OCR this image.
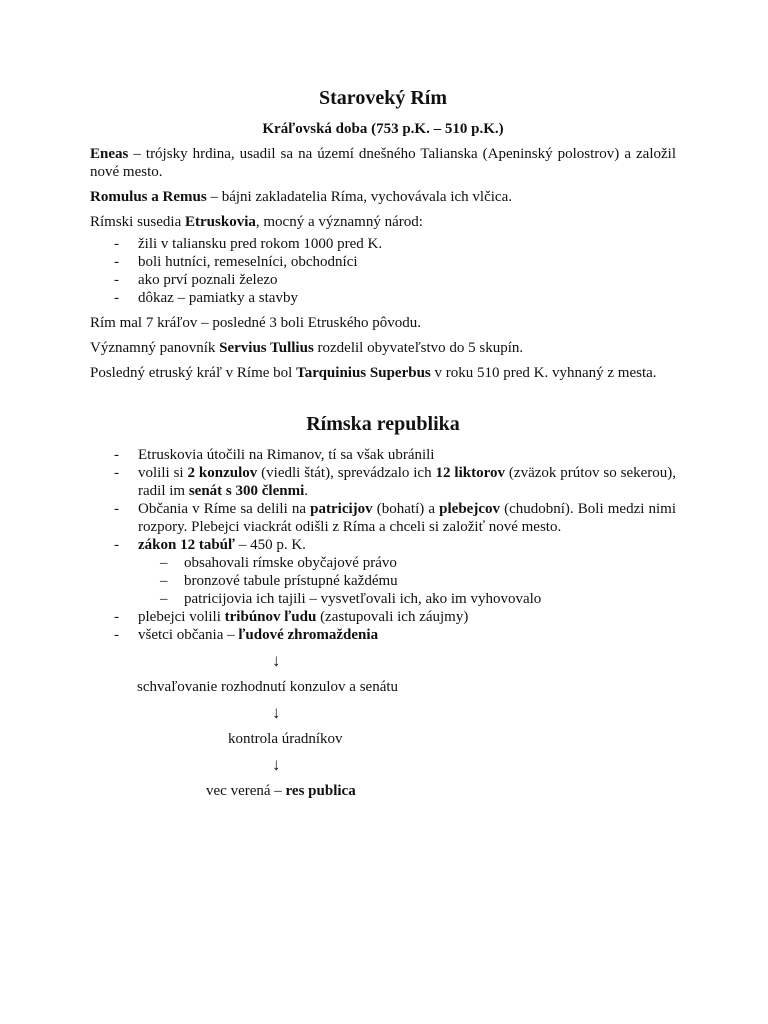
Staroveký Rím
Kráľovská doba (753 p.K. – 510 p.K.)

Eneas – trójsky hrdina, usadil sa na území dnešného Talianska (Apeninský polostrov) a založil nové mesto.

Romulus a Remus – bájni zakladatelia Ríma, vychovávala ich vlčica.

Rímski susedia Etruskovia, mocný a významný národ:

- žili v taliansku pred rokom 1000 pred K.
- boli hutníci, remeselníci, obchodníci
- ako prví poznali železo
- dôkaz – pamiatky a stavby

Rím mal 7 kráľov – posledné 3 boli Etruského pôvodu.

Významný panovník Servius Tullius rozdelil obyvateľstvo do 5 skupín.

Posledný etruský kráľ v Ríme bol Tarquinius Superbus v roku 510 pred K. vyhnaný z mesta.

Rímska republika
- Etruskovia útočili na Rimanov, tí sa však ubránili
- volili si 2 konzulov (viedli štát), sprevádzalo ich 12 liktorov (zväzok prútov so sekerou), radil im senát s 300 členmi.
- Občania v Ríme sa delili na patricijov (bohatí) a plebejcov (chudobní). Boli medzi nimi rozpory. Plebejci viackrát odišli z Ríma a chceli si založiť nové mesto.
- zákon 12 tabúľ – 450 p. K.
– obsahovali rímske obyčajové právo
– bronzové tabule prístupné každému
– patricijovia ich tajili – vysvetľovali ich, ako im vyhovovalo
- plebejci volili tribúnov ľudu (zastupovali ich záujmy)
- všetci občania – ľudové zhromaždenia
↓
schvaľovanie rozhodnutí konzulov a senátu
↓
kontrola úradníkov
↓
vec verená – res publica
